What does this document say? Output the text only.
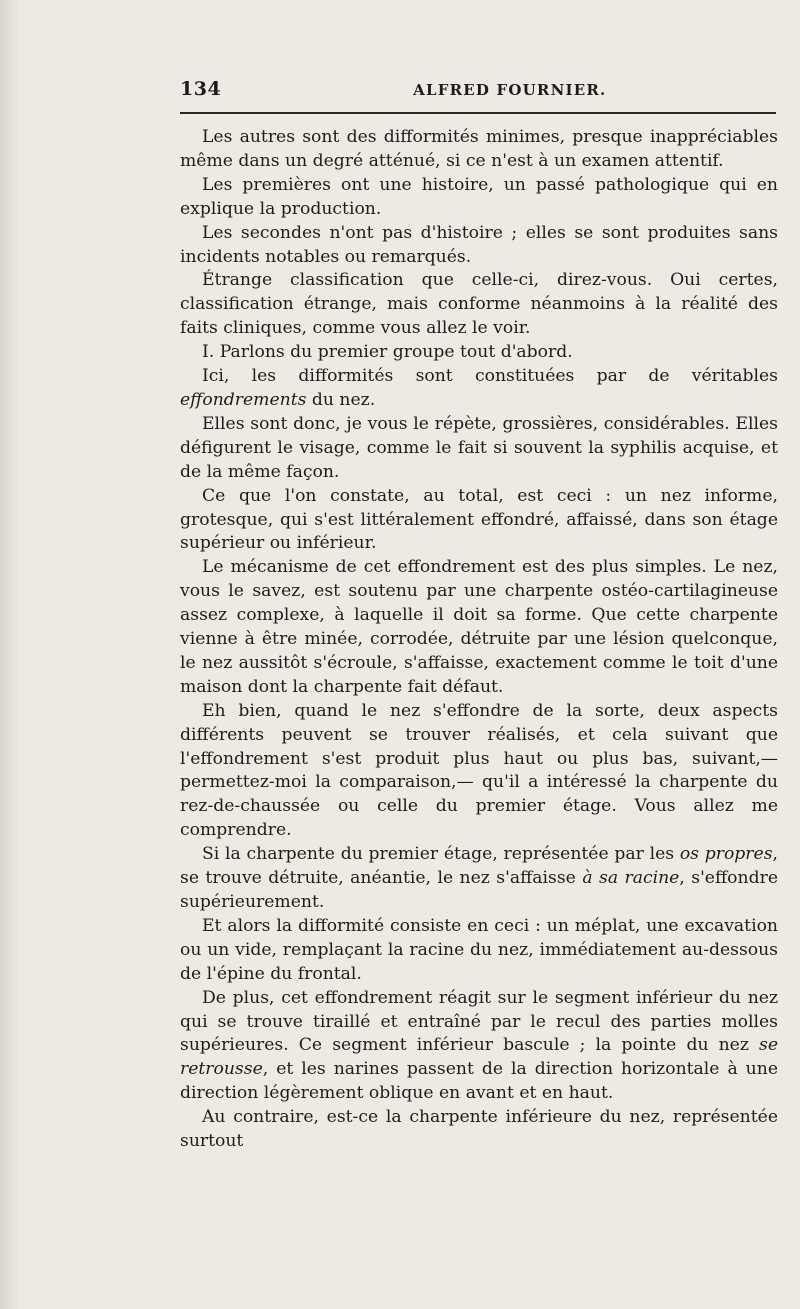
134	ALFRED FOURNIER.

Les autres sont des difformités minimes, presque inappréciables même dans un degré atténué, si ce n'est à un examen attentif.

Les premières ont une histoire, un passé pathologique qui en explique la production.

Les secondes n'ont pas d'histoire ; elles se sont produites sans incidents notables ou remarqués.

Étrange classification que celle-ci, direz-vous. Oui certes, classification étrange, mais conforme néanmoins à la réalité des faits cliniques, comme vous allez le voir.

I. Parlons du premier groupe tout d'abord.

Ici, les difformités sont constituées par de véritables effondrements du nez.

Elles sont donc, je vous le répète, grossières, considérables. Elles défigurent le visage, comme le fait si souvent la syphilis acquise, et de la même façon.

Ce que l'on constate, au total, est ceci : un nez informe, grotesque, qui s'est littéralement effondré, affaissé, dans son étage supérieur ou inférieur.

Le mécanisme de cet effondrement est des plus simples. Le nez, vous le savez, est soutenu par une charpente ostéo-cartilagineuse assez complexe, à laquelle il doit sa forme. Que cette charpente vienne à être minée, corrodée, détruite par une lésion quelconque, le nez aussitôt s'écroule, s'affaisse, exactement comme le toit d'une maison dont la charpente fait défaut.

Eh bien, quand le nez s'effondre de la sorte, deux aspects différents peuvent se trouver réalisés, et cela suivant que l'effondrement s'est produit plus haut ou plus bas, suivant,— permettez-moi la comparaison,— qu'il a intéressé la charpente du rez-de-chaussée ou celle du premier étage. Vous allez me comprendre.

Si la charpente du premier étage, représentée par les os propres, se trouve détruite, anéantie, le nez s'affaisse à sa racine, s'effondre supérieurement.

Et alors la difformité consiste en ceci : un méplat, une excavation ou un vide, remplaçant la racine du nez, immédiatement au-dessous de l'épine du frontal.

De plus, cet effondrement réagit sur le segment inférieur du nez qui se trouve tiraillé et entraîné par le recul des parties molles supérieures. Ce segment inférieur bascule ; la pointe du nez se retrousse, et les narines passent de la direction horizontale à une direction légèrement oblique en avant et en haut.

Au contraire, est-ce la charpente inférieure du nez, représentée surtout
